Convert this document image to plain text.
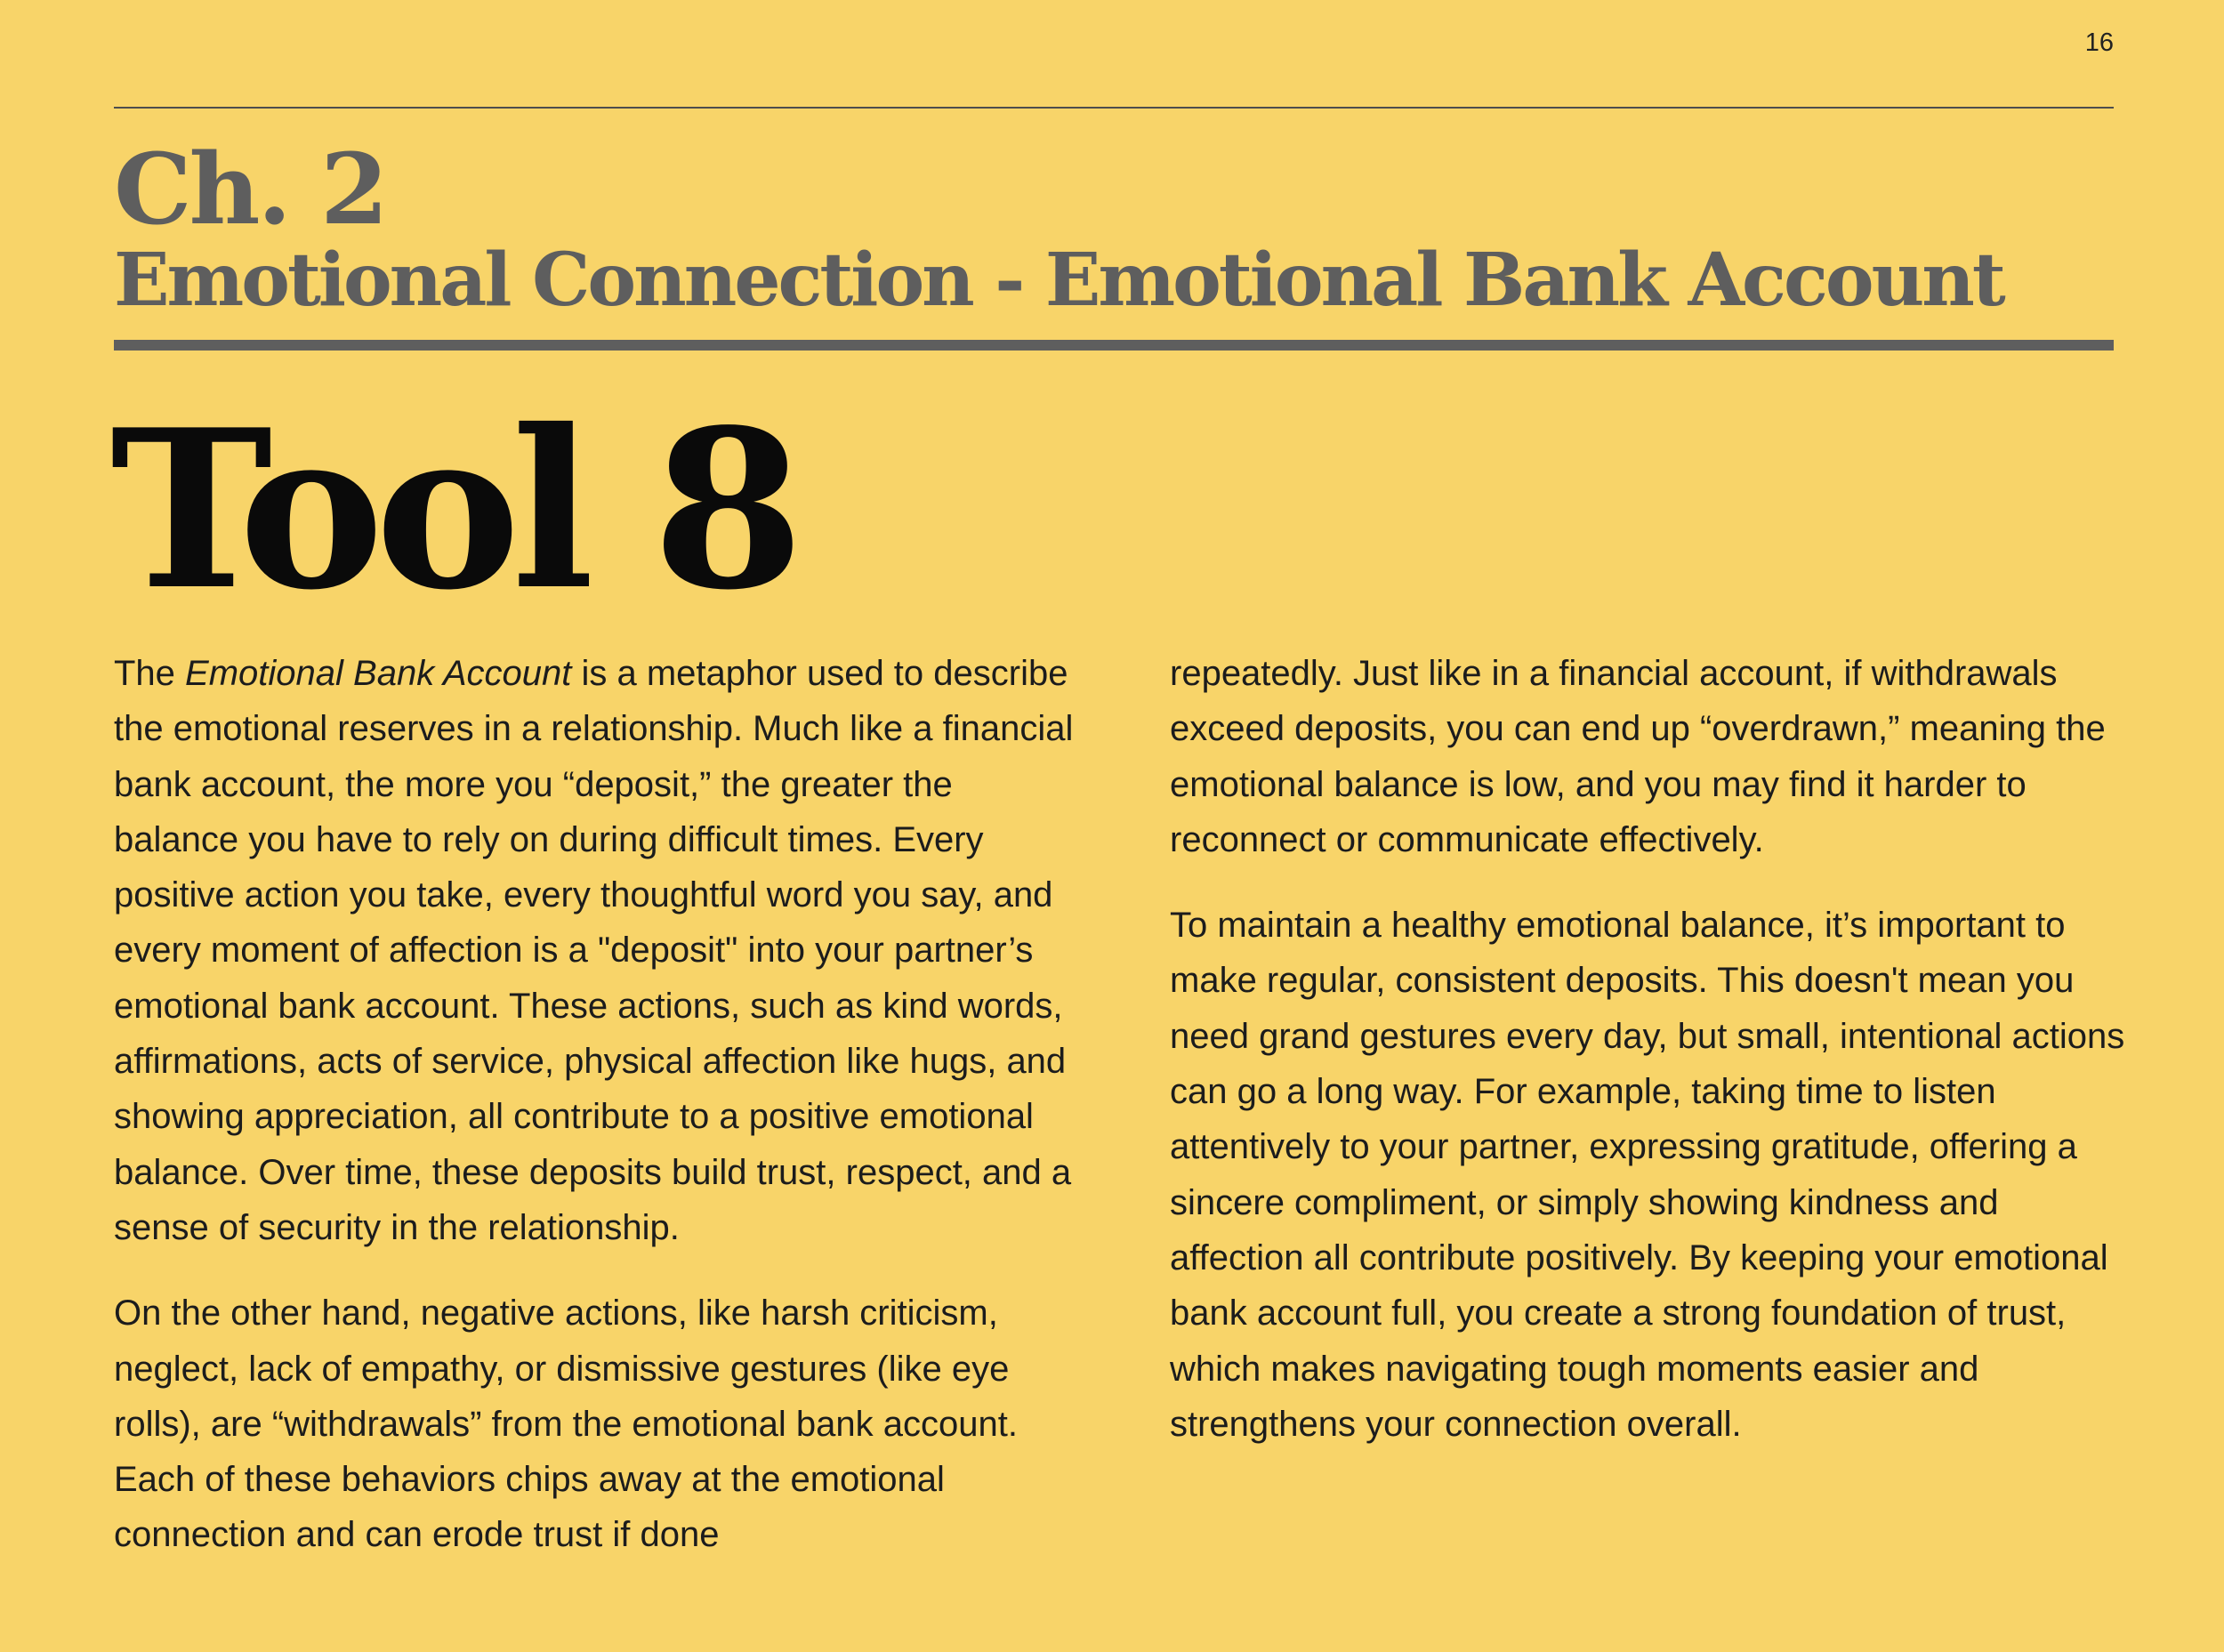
16
Ch. 2
Emotional Connection - Emotional Bank Account
Tool 8

The Emotional Bank Account is a metaphor used to describe the emotional reserves in a relationship. Much like a financial bank account, the more you “deposit,” the greater the balance you have to rely on during difficult times. Every positive action you take, every thoughtful word you say, and every moment of affection is a "deposit" into your partner’s emotional bank account. These actions, such as kind words, affirmations, acts of service, physical affection like hugs, and showing appreciation, all contribute to a positive emotional balance. Over time, these deposits build trust, respect, and a sense of security in the relationship.

On the other hand, negative actions, like harsh criticism, neglect, lack of empathy, or dismissive gestures (like eye rolls), are “withdrawals” from the emotional bank account. Each of these behaviors chips away at the emotional connection and can erode trust if done

repeatedly. Just like in a financial account, if withdrawals exceed deposits, you can end up “overdrawn,” meaning the emotional balance is low, and you may find it harder to reconnect or communicate effectively.

To maintain a healthy emotional balance, it’s important to make regular, consistent deposits. This doesn't mean you need grand gestures every day, but small, intentional actions can go a long way. For example, taking time to listen attentively to your partner, expressing gratitude, offering a sincere compliment, or simply showing kindness and affection all contribute positively. By keeping your emotional bank account full, you create a strong foundation of trust, which makes navigating tough moments easier and strengthens your connection overall.
